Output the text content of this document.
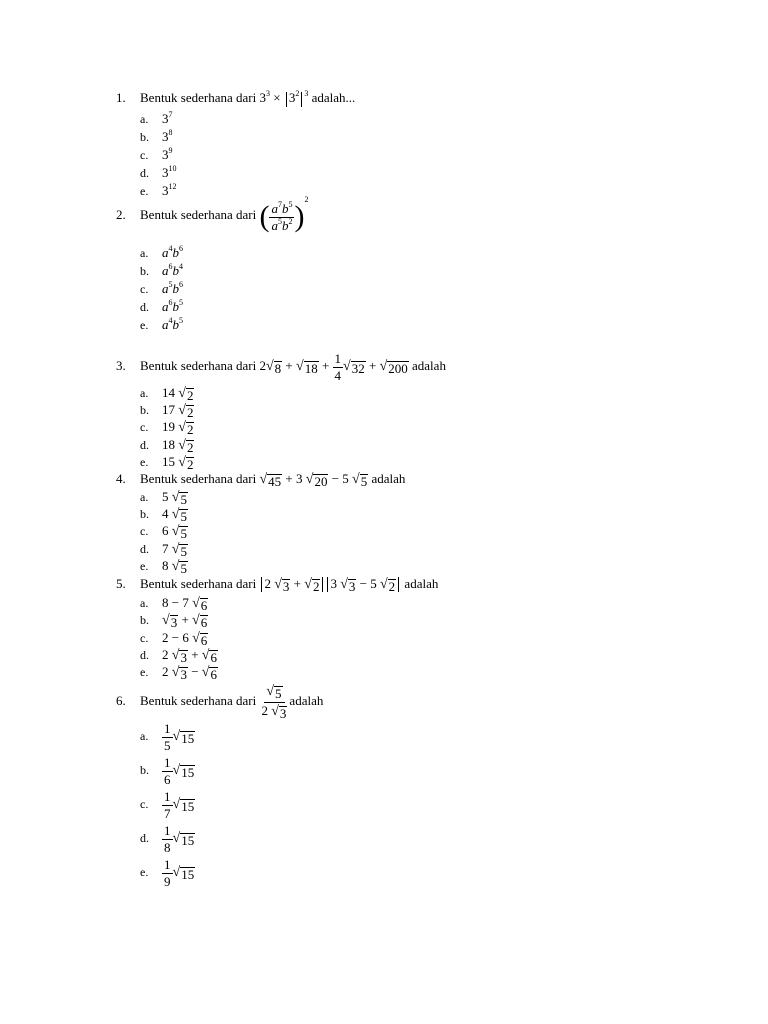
1. Bentuk sederhana dari $3^3 \times 3^2$ $^3$ adalah...
a. $3^7$
b. $3^8$
c. $3^9$
d. $3^{10}$
e. $3^{12}$
2. Bentuk sederhana dari ( $\frac{a^7b^5}{a^5b^2} )^2$
a. $a^4b^6$
b. $a^6b^4$
c. $a^5b^6$
d. $a^6b^5$
e. $a^4b^5$
3. Bentuk sederhana dari 2 √ 8 + √ $18 + \frac{1}{4}$ √ 32 + √ 200 adalah
a. 14 √ 2
b. 17 √ 2
c. 19 √ 2
d. 18 √ 2
e. 15 √ 2
4. Bentuk sederhana dari √ 45 + 3 √ 20 − 5 √ 5 adalah
a. 5 √ 5
b. 4 √ 5
c. 6 √ 5
d. 7 √ 5
e. 8 √ 5
5. Bentuk sederhana dari 2 √ 3 + √ 2 3 √ 3 − 5 √ 2 adalah
a. 8 − 7 √ 6
b. √ 3 + √ 6
c. 2 − 6 √ 6
d. 2 √ 3 + √ 6
e. 2 √ 3 − √ 6
6. Bentuk sederhana dari $\frac{√ 5}{2 √ 3}$ adalah
a. $\frac{1}{5}$ √ 15
b. $\frac{1}{6}$ √ 15
c. $\frac{1}{7}$ √ 15
d. $\frac{1}{8}$ √ 15
e. $\frac{1}{9}$ √ 15
